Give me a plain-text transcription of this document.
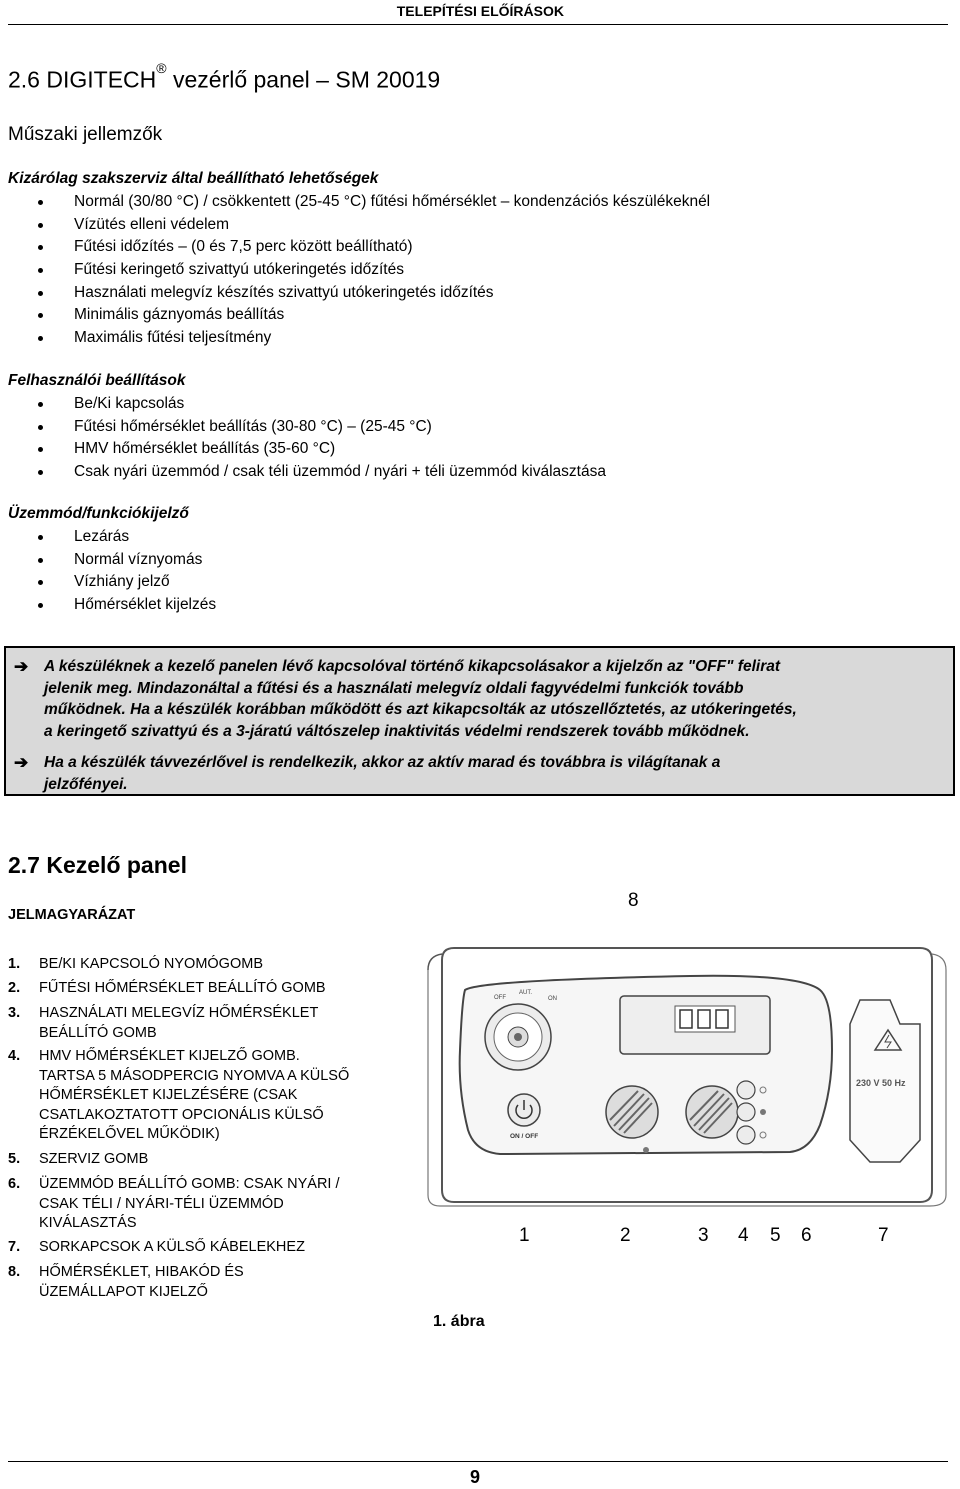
TELEPÍTÉSI ELŐÍRÁSOK
2.6 DIGITECH® vezérlő panel – SM 20019
Műszaki jellemzők
Kizárólag szakszerviz által beállítható lehetőségek
Normál (30/80 °C) / csökkentett (25-45 °C) fűtési hőmérséklet – kondenzációs készülékeknél
Vízütés elleni védelem
Fűtési időzítés – (0 és 7,5 perc között beállítható)
Fűtési keringető szivattyú utókeringetés időzítés
Használati melegvíz készítés szivattyú utókeringetés időzítés
Minimális gáznyomás beállítás
Maximális fűtési teljesítmény
Felhasználói beállítások
Be/Ki kapcsolás
Fűtési hőmérséklet beállítás (30-80 °C) – (25-45 °C)
HMV hőmérséklet beállítás (35-60 °C)
Csak nyári üzemmód / csak téli üzemmód / nyári + téli üzemmód kiválasztása
Üzemmód/funkciókijelző
Lezárás
Normál víznyomás
Vízhiány jelző
Hőmérséklet kijelzés
➔ A készüléknek a kezelő panelen lévő kapcsolóval történő kikapcsolásakor a kijelzőn az "OFF" felirat
jelenik meg. Mindazonáltal a fűtési és a használati melegvíz oldali fagyvédelmi funkciók tovább
működnek. Ha a készülék korábban működött és azt kikapcsolták az utószellőztetés, az utókeringetés,
a keringető szivattyú és a 3-járatú váltószelep inaktivitás védelmi rendszerek tovább működnek.
➔ Ha a készülék távvezérlővel is rendelkezik, akkor az aktív marad és továbbra is világítanak a
jelzőfényei.
2.7 Kezelő panel
JELMAGYARÁZAT
1. BE/KI KAPCSOLÓ NYOMÓGOMB
2. FŰTÉSI HŐMÉRSÉKLET BEÁLLÍTÓ GOMB
3. HASZNÁLATI MELEGVÍZ HŐMÉRSÉKLET
BEÁLLÍTÓ GOMB
4. HMV HŐMÉRSÉKLET KIJELZŐ GOMB.
TARTSA 5 MÁSODPERCIG NYOMVA A KÜLSŐ
HŐMÉRSÉKLET KIJELZÉSÉRE (CSAK
CSATLAKOZTATOTT OPCIONÁLIS KÜLSŐ
ÉRZÉKELŐVEL MŰKÖDIK)
5. SZERVIZ GOMB
6. ÜZEMMÓD BEÁLLÍTÓ GOMB: CSAK NYÁRI /
CSAK TÉLI / NYÁRI-TÉLI ÜZEMMÓD
KIVÁLASZTÁS
7. SORKAPCSOK A KÜLSŐ KÁBELEKHEZ
8. HŐMÉRSÉKLET, HIBAKÓD ÉS
ÜZEMÁLLAPOT KIJELZŐ
OFF
AUT.
ON
ON / OFF
230 V 50 Hz
8
1	2	3 4 5 6	7
1. ábra
9
